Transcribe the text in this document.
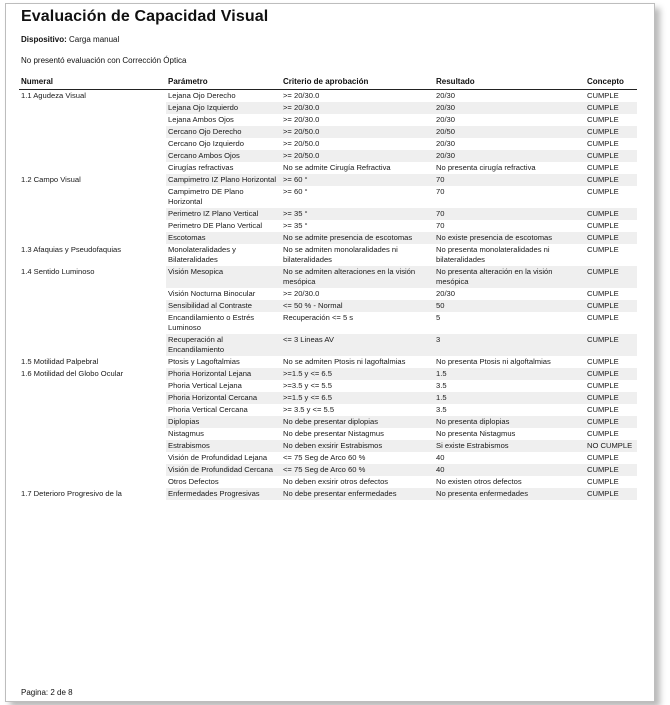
Evaluación de Capacidad Visual
Dispositivo: Carga manual
No presentó evaluación con Corrección Óptica
Numeral	Parámetro	Criterio de aprobación	Resultado	Concepto
1.1 Agudeza Visual	Lejana Ojo Derecho	>= 20/30.0	20/30	CUMPLE
	Lejana Ojo Izquierdo	>= 20/30.0	20/30	CUMPLE
	Lejana Ambos Ojos	>= 20/30.0	20/30	CUMPLE
	Cercano Ojo Derecho	>= 20/50.0	20/50	CUMPLE
	Cercano Ojo Izquierdo	>= 20/50.0	20/30	CUMPLE
	Cercano Ambos Ojos	>= 20/50.0	20/30	CUMPLE
	Cirugías refractivas	No se admite Cirugía Refractiva	No presenta cirugía refractiva	CUMPLE
1.2 Campo Visual	Campimetro IZ Plano Horizontal	>= 60 °	70	CUMPLE
	Campimetro DE Plano Horizontal	>= 60 °	70	CUMPLE
	Perimetro IZ Plano Vertical	>= 35 °	70	CUMPLE
	Perimetro DE Plano Vertical	>= 35 °	70	CUMPLE
	Escotomas	No se admite presencia de escotomas	No existe presencia de escotomas	CUMPLE
1.3 Afaquias y Pseudofaquias	Monolateralidades y Bilateralidades	No se admiten monolaralidades ni bilateralidades	No presenta monolateralidades ni bilateralidades	CUMPLE
1.4 Sentido Luminoso	Visión Mesopica	No se admiten alteraciones en la visión mesópica	No presenta alteración en la visión mesópica	CUMPLE
	Visión Nocturna Binocular	>= 20/30.0	20/30	CUMPLE
	Sensibilidad al Contraste	<= 50 % - Normal	50	CUMPLE
	Encandilamiento o Estrés Luminoso	Recuperación <= 5 s	5	CUMPLE
	Recuperación al Encandilamiento	<= 3 Lineas AV	3	CUMPLE
1.5 Motilidad Palpebral	Ptosis y Lagoftalmias	No se admiten Ptosis ni lagoftalmias	No presenta Ptosis ni algoftalmias	CUMPLE
1.6 Motilidad del Globo Ocular	Phoria Horizontal Lejana	>=1.5 y <= 6.5	1.5	CUMPLE
	Phoria Vertical Lejana	>=3.5 y <= 5.5	3.5	CUMPLE
	Phoria Horizontal Cercana	>=1.5 y <= 6.5	1.5	CUMPLE
	Phoria Vertical Cercana	>= 3.5 y <= 5.5	3.5	CUMPLE
	Diplopias	No debe presentar diplopias	No presenta diplopias	CUMPLE
	Nistagmus	No debe presentar Nistagmus	No presenta Nistagmus	CUMPLE
	Estrabismos	No deben exsirir Estrabismos	Si existe Estrabismos	NO CUMPLE
	Visión de Profundidad Lejana	<= 75 Seg de Arco 60 %	40	CUMPLE
	Visión de Profundidad Cercana	<= 75 Seg de Arco 60 %	40	CUMPLE
	Otros Defectos	No deben exsirir otros defectos	No existen otros defectos	CUMPLE
1.7 Deterioro Progresivo de la	Enfermedades Progresivas	No debe presentar enfermedades	No presenta enfermedades	CUMPLE
Pagina: 2 de 8
